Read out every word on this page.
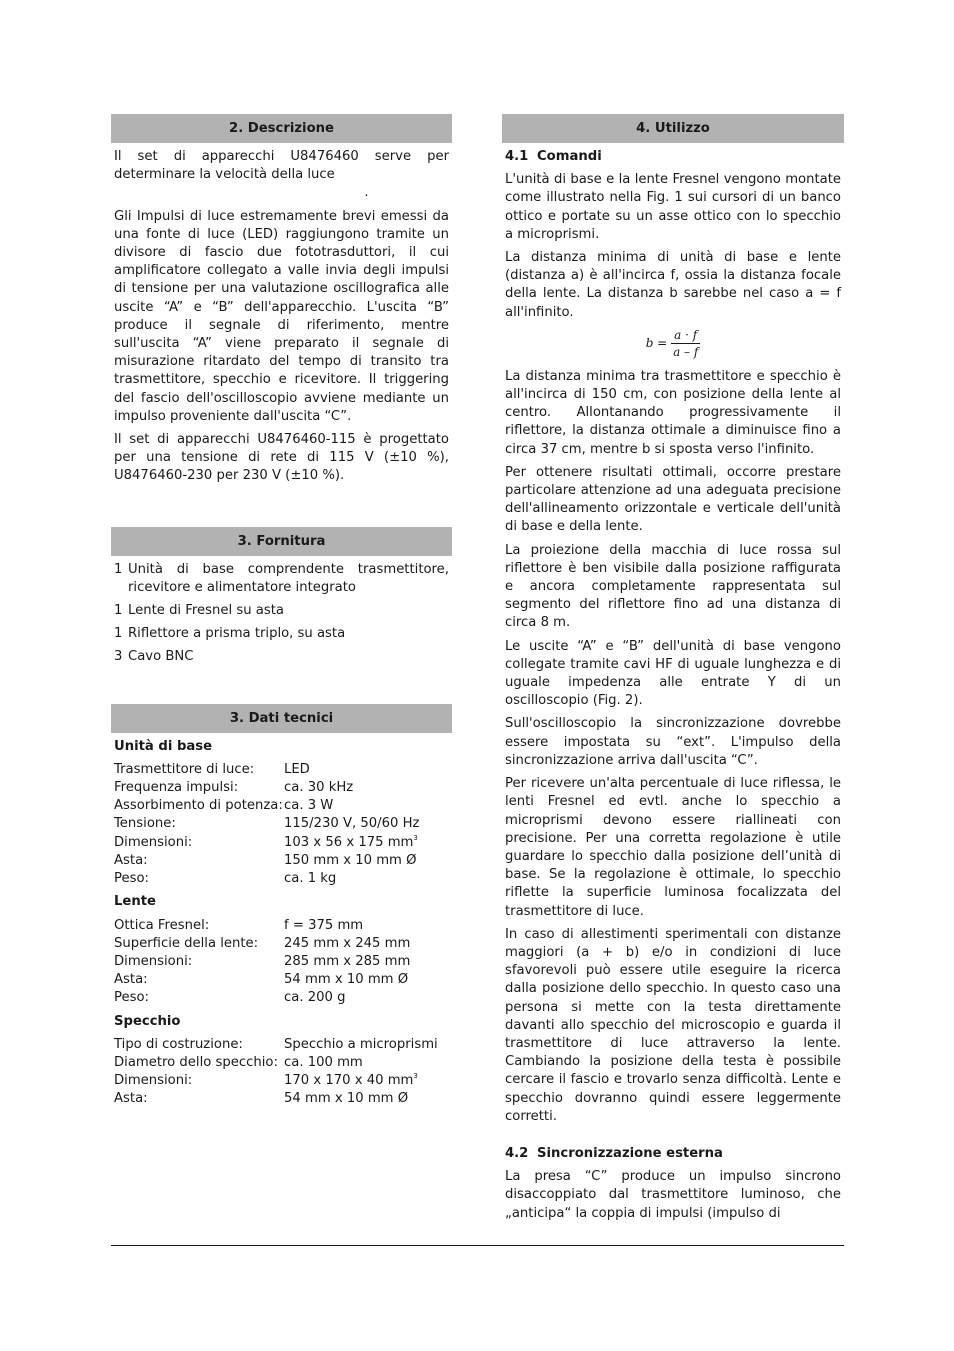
2. Descrizione

Il set di apparecchi U8476460 serve per determinare la velocità della luce

.

Gli Impulsi di luce estremamente brevi emessi da una fonte di luce (LED) raggiungono tramite un divisore di fascio due fototrasduttori, il cui amplificatore collegato a valle invia degli impulsi di tensione per una valutazione oscillografica alle uscite “A” e “B” dell'apparecchio. L'uscita “B” produce il segnale di riferimento, mentre sull'uscita “A” viene preparato il segnale di misurazione ritardato del tempo di transito tra trasmettitore, specchio e ricevitore. Il triggering del fascio dell'oscilloscopio avviene mediante un impulso proveniente dall'uscita “C”.

Il set di apparecchi U8476460-115 è progettato per una tensione di rete di 115 V (±10 %), U8476460-230 per 230 V (±10 %).

3. Fornitura
1 Unità di base comprendente trasmettitore, ricevitore e alimentatore integrato
1 Lente di Fresnel su asta
1 Riflettore a prisma triplo, su asta
3 Cavo BNC
3. Dati tecnici
Unità di base
Trasmettitore di luce:	LED
Frequenza impulsi:	ca. 30 kHz
Assorbimento di potenza: ca. 3 W
Tensione:	115/230 V, 50/60 Hz
Dimensioni:	103 x 56 x 175 $mm^3$
Asta:	150 mm x 10 mm Ø
Peso:	ca. 1 kg
Lente
Ottica Fresnel:	f = 375 mm
Superficie della lente:	245 mm x 245 mm
Dimensioni:	285 mm x 285 mm
Asta:	54 mm x 10 mm Ø
Peso:	ca. 200 g
Specchio
Tipo di costruzione:	Specchio a microprismi
Diametro dello specchio: ca. 100 mm
Dimensioni:	170 x 170 x 40 $mm^3$
Asta:	54 mm x 10 mm Ø
4. Utilizzo
4.1 Comandi

L'unità di base e la lente Fresnel vengono montate come illustrato nella Fig. 1 sui cursori di un banco ottico e portate su un asse ottico con lo specchio a microprismi.

La distanza minima di unità di base e lente (distanza a) è all'incirca f, ossia la distanza focale della lente. La distanza b sarebbe nel caso a = f all'infinito.

$b = \frac{a \cdot f}{a - f}$

La distanza minima tra trasmettitore e specchio è all'incirca di 150 cm, con posizione della lente al centro. Allontanando progressivamente il riflettore, la distanza ottimale a diminuisce fino a circa 37 cm, mentre b si sposta verso l'infinito.

Per ottenere risultati ottimali, occorre prestare particolare attenzione ad una adeguata precisione dell'allineamento orizzontale e verticale dell'unità di base e della lente.

La proiezione della macchia di luce rossa sul riflettore è ben visibile dalla posizione raffigurata e ancora completamente rappresentata sul segmento del riflettore fino ad una distanza di circa 8 m.

Le uscite “A” e “B” dell'unità di base vengono collegate tramite cavi HF di uguale lunghezza e di uguale impedenza alle entrate Y di un oscilloscopio (Fig. 2).

Sull'oscilloscopio la sincronizzazione dovrebbe essere impostata su “ext”. L'impulso della sincronizzazione arriva dall'uscita “C”.

Per ricevere un'alta percentuale di luce riflessa, le lenti Fresnel ed evtl. anche lo specchio a microprismi devono essere riallineati con precisione. Per una corretta regolazione è utile guardare lo specchio dalla posizione dell’unità di base. Se la regolazione è ottimale, lo specchio riflette la superficie luminosa focalizzata del trasmettitore di luce.

In caso di allestimenti sperimentali con distanze maggiori (a + b) e/o in condizioni di luce sfavorevoli può essere utile eseguire la ricerca dalla posizione dello specchio. In questo caso una persona si mette con la testa direttamente davanti allo specchio del microscopio e guarda il trasmettitore di luce attraverso la lente. Cambiando la posizione della testa è possibile cercare il fascio e trovarlo senza difficoltà. Lente e specchio dovranno quindi essere leggermente corretti.

4.2 Sincronizzazione esterna

La presa “C” produce un impulso sincrono disaccoppiato dal trasmettitore luminoso, che „anticipa“ la coppia di impulsi (impulso di
